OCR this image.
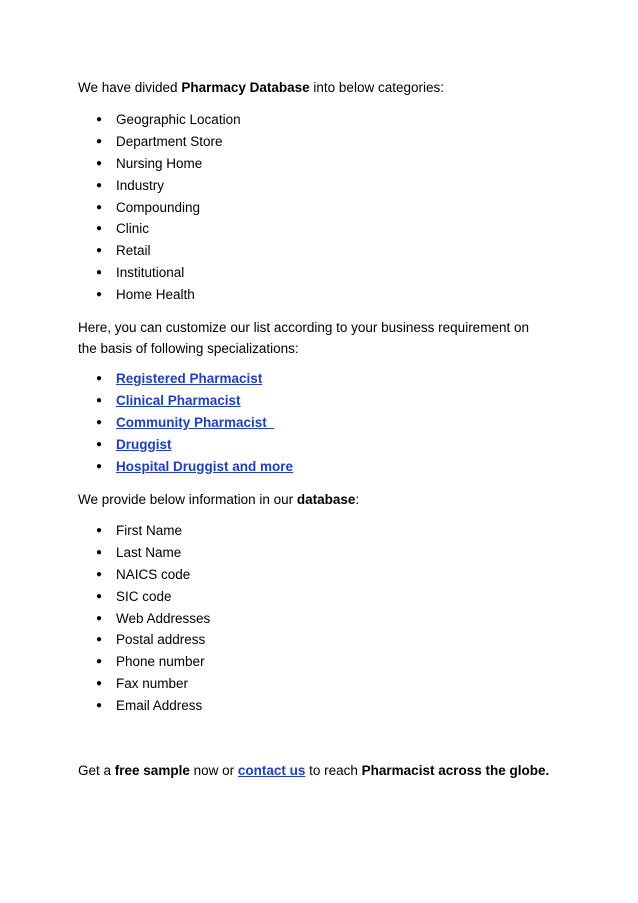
We have divided Pharmacy Database into below categories:

● Geographic Location
● Department Store
● Nursing Home
● Industry
● Compounding
● Clinic
● Retail
● Institutional
● Home Health

Here, you can customize our list according to your business requirement on the basis of following specializations:

● Registered Pharmacist
● Clinical Pharmacist
● Community Pharmacist
● Druggist
● Hospital Druggist and more

We provide below information in our database:

● First Name
● Last Name
● NAICS code
● SIC code
● Web Addresses
● Postal address
● Phone number
● Fax number
● Email Address

Get a free sample now or contact us to reach Pharmacist across the globe.
